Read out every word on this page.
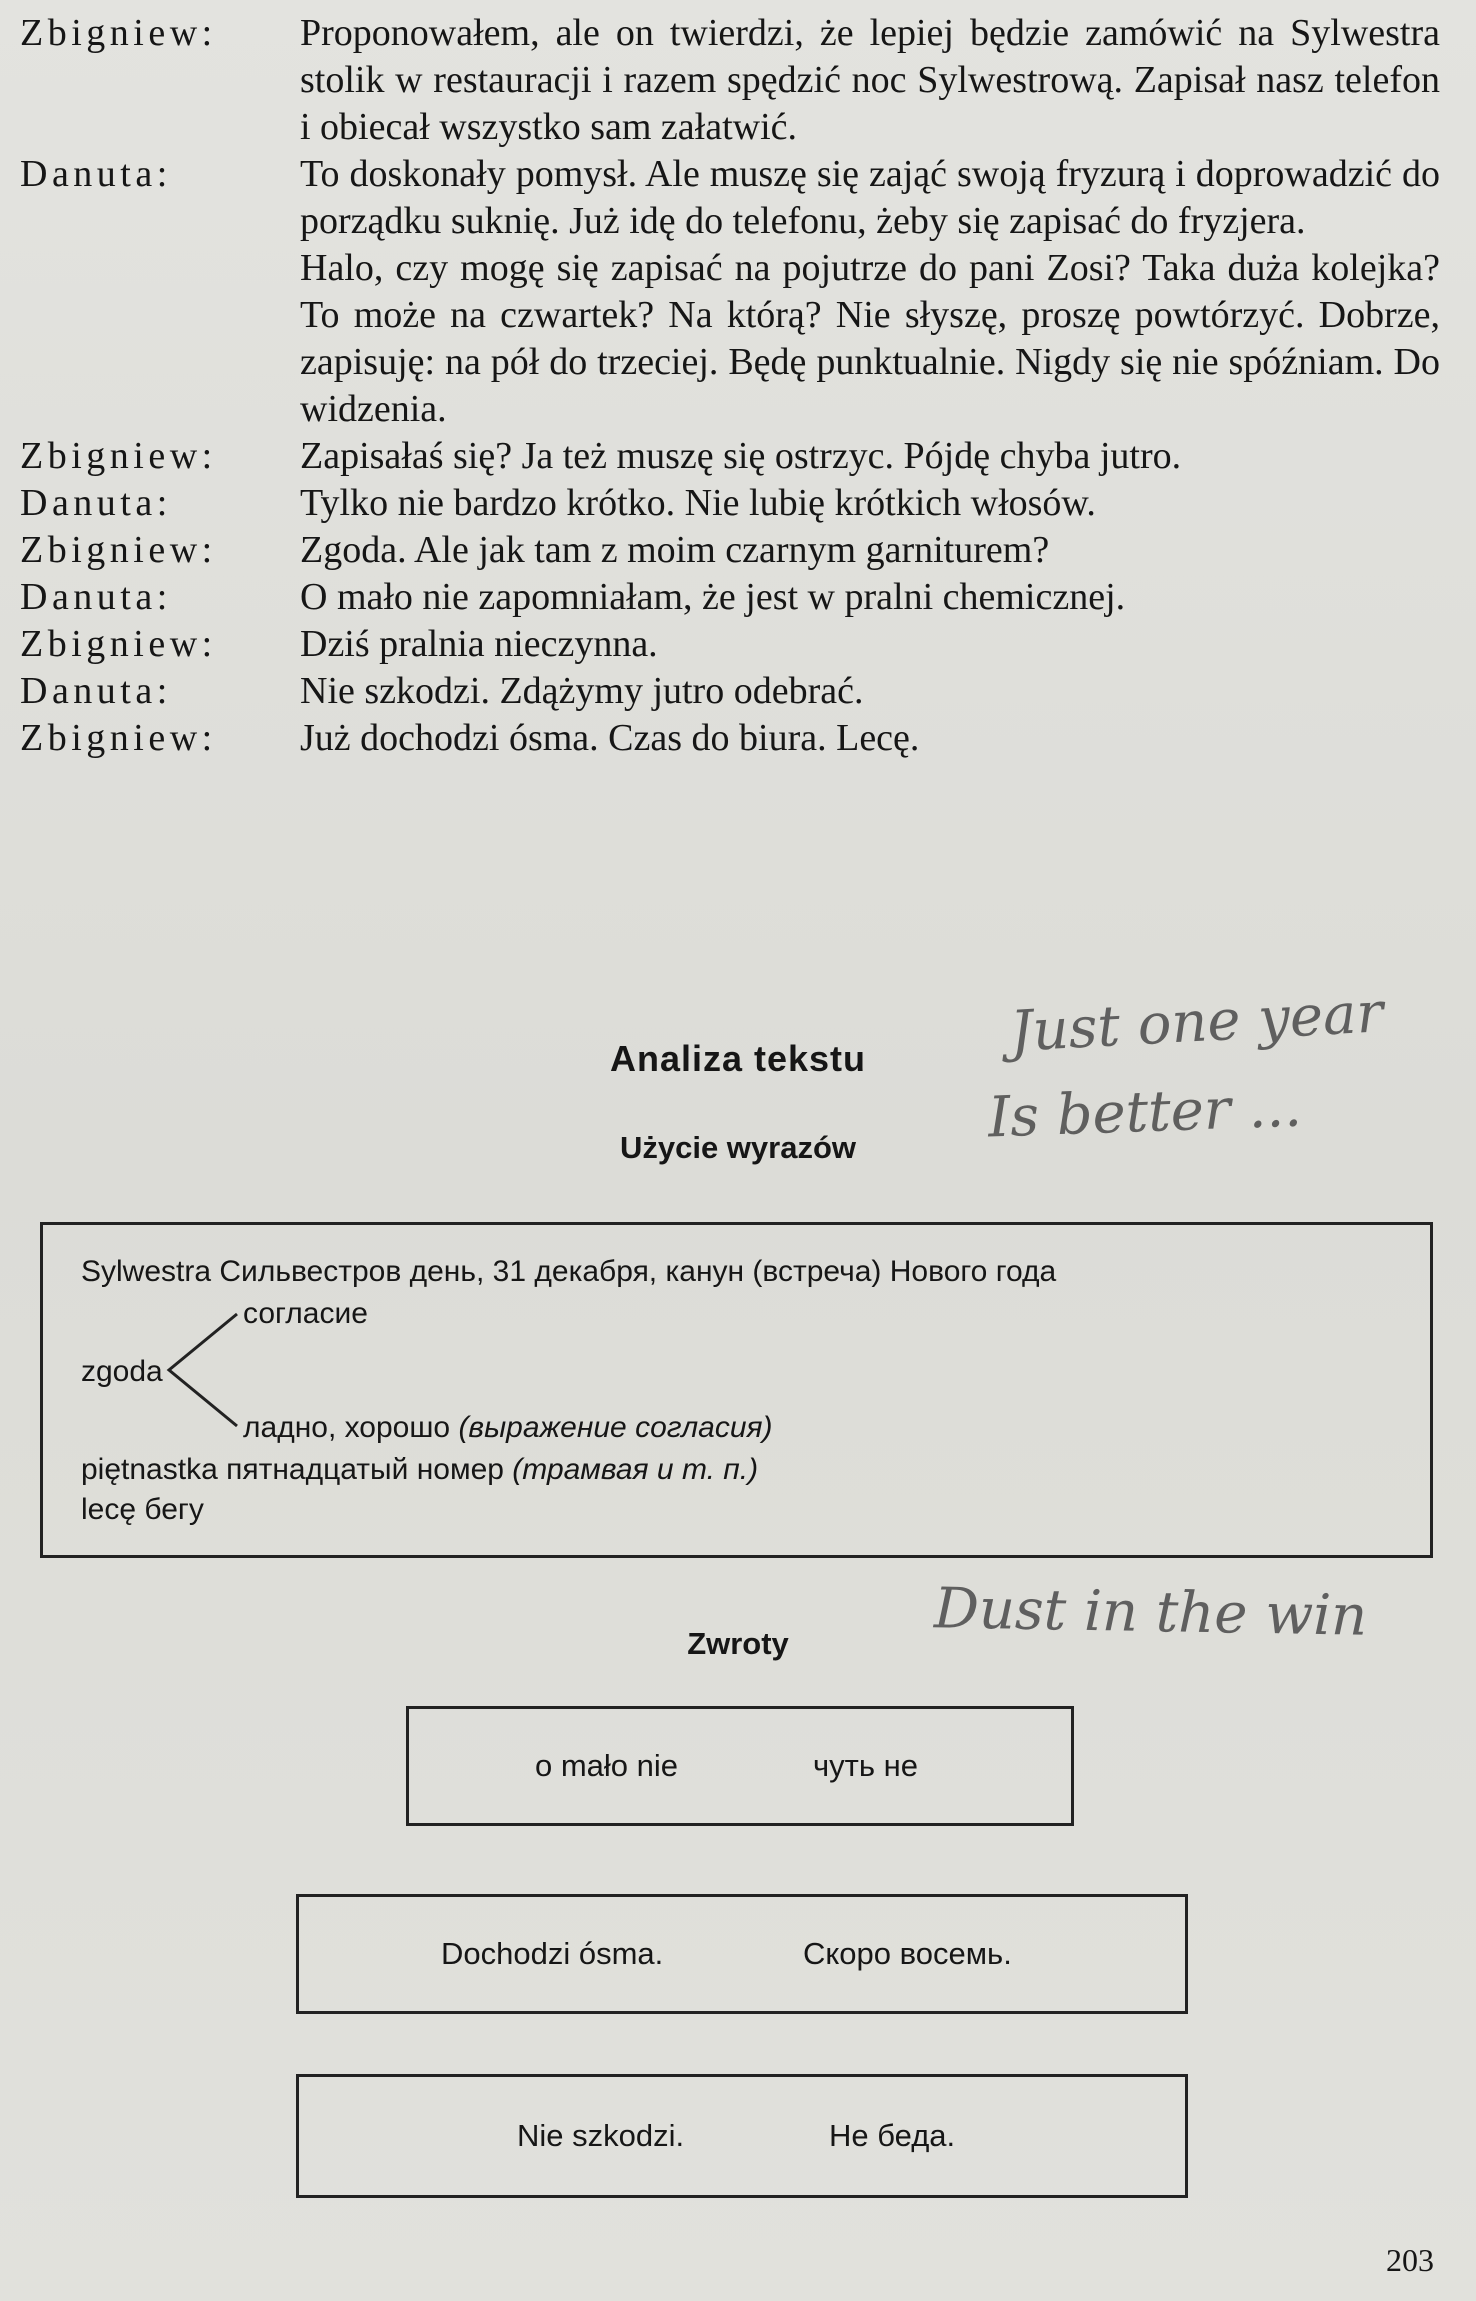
Zbigniew:	Proponowałem, ale on twierdzi, że lepiej będzie zamówić na Sylwestra stolik w restauracji i razem spędzić noc Sylwestrową. Zapisał nasz telefon i obiecał wszystko sam załatwić.
Danuta:	To doskonały pomysł. Ale muszę się zająć swoją fryzurą i doprowadzić do porządku suknię. Już idę do telefonu, żeby się zapisać do fryzjera.
Halo, czy mogę się zapisać na pojutrze do pani Zosi? Taka duża kolejka? To może na czwartek? Na którą? Nie słyszę, proszę powtórzyć. Dobrze, zapisuję: na pół do trzeciej. Będę punktualnie. Nigdy się nie spóźniam. Do widzenia.
Zbigniew:	Zapisałaś się? Ja też muszę się ostrzyc. Pójdę chyba jutro.
Danuta:	Tylko nie bardzo krótko. Nie lubię krótkich włosów.
Zbigniew:	Zgoda. Ale jak tam z moim czarnym garniturem?
Danuta:	O mało nie zapomniałam, że jest w pralni chemicznej.
Zbigniew:	Dziś pralnia nieczynna.
Danuta:	Nie szkodzi. Zdążymy jutro odebrać.
Zbigniew:	Już dochodzi ósma. Czas do biura. Lecę.
Analiza tekstu
Użycie wyrazów
Sylwestra Сильвестров день, 31 декабря, канун (встреча) Нового года
zgoda
согласие
ладно, хорошо (выражение согласия)
piętnastka пятнадцатый номер (трамвая и т. п.)
lecę бегу
Zwroty
o mało nie	чуть не
Dochodzi ósma.	Скоро восемь.
Nie szkodzi.	Не беда.
Just one year
Is better ...
Dust in the win
203
